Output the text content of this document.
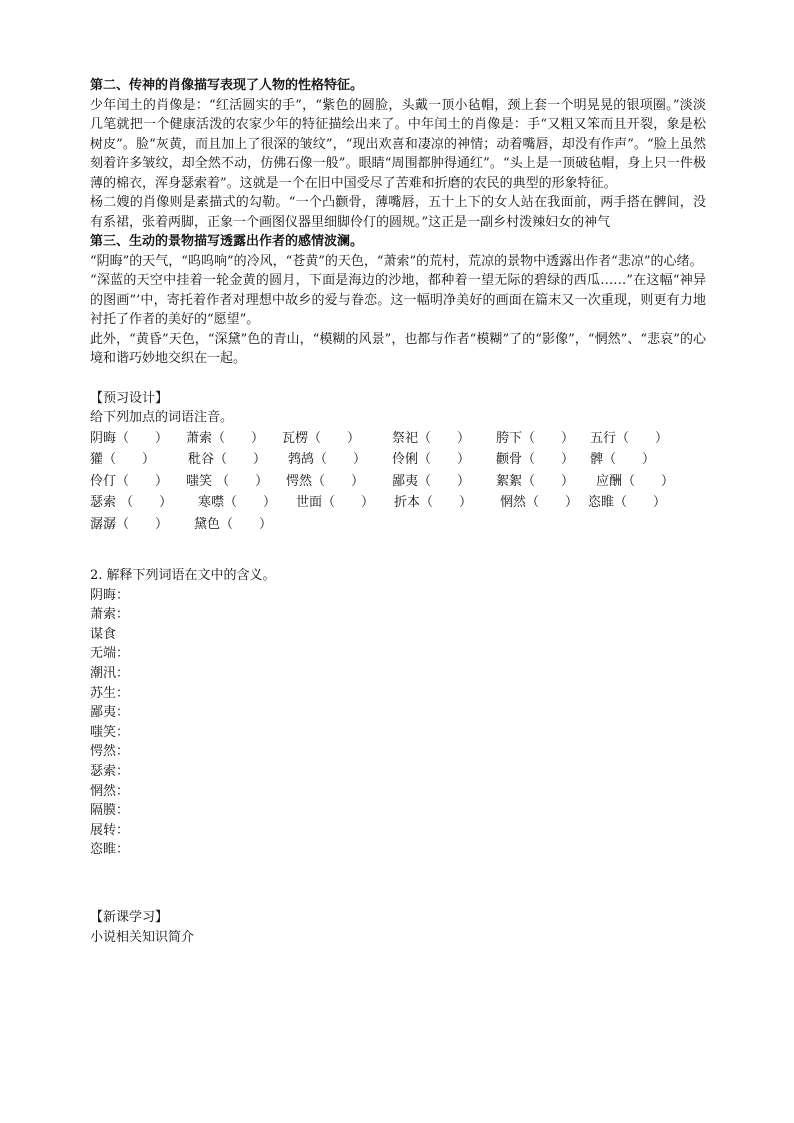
第二、传神的肖像描写表现了人物的性格特征。

少年闰土的肖像是：“红活圆实的手”，“紫色的圆脸，头戴一顶小毡帽，颈上套一个明晃晃的银项圈。”淡淡几笔就把一个健康活泼的农家少年的特征描绘出来了。中年闰土的肖像是：手“又粗又笨而且开裂，象是松树皮”。脸“灰黄，而且加上了很深的皱纹”，“现出欢喜和凄凉的神情；动着嘴唇，却没有作声”。“脸上虽然刻着许多皱纹，却全然不动，仿佛石像一般”。眼睛“周围都肿得通红”。“头上是一顶破毡帽，身上只一件极薄的棉衣，浑身瑟索着”。这就是一个在旧中国受尽了苦难和折磨的农民的典型的形象特征。

杨二嫂的肖像则是素描式的勾勒。“一个凸颧骨，薄嘴唇，五十上下的女人站在我面前，两手搭在髀间，没有系裙，张着两脚，正象一个画图仪器里细脚伶仃的圆规。”这正是一副乡村泼辣妇女的神气

第三、生动的景物描写透露出作者的感情波澜。

“阴晦”的天气，“呜呜响”的冷风，“苍黄”的天色，“萧索”的荒村，荒凉的景物中透露出作者“悲凉”的心绪。

“深蓝的天空中挂着一轮金黄的圆月，下面是海边的沙地，都种着一望无际的碧绿的西瓜……”在这幅“神异的图画”’中，寄托着作者对理想中故乡的爱与眷恋。这一幅明净美好的画面在篇末又一次重现，则更有力地衬托了作者的美好的“愿望”。

此外，“黄昏”天色，“深黛”色的青山，“模糊的风景”，也都与作者“模糊”了的“影像”，“惘然”、“悲哀”的心境和谐巧妙地交织在一起。

【预习设计】

给下列加点的词语注音。

阴晦（　　） 萧索（　　） 瓦楞（　　） 祭祀（　　） 胯下（　　） 五行（　　）
獾（　　）	秕谷（　　） 鹁鸪（　　） 伶俐（　　） 颧骨（　　） 髀（　　）
伶仃（　　） 嗤笑 （　　） 愕然（　　） 鄙夷（　　） 絮絮（　　） 应酬（　　）
瑟索 （　　） 寒噤（　　） 世面（　　） 折本（　　） 惘然（　　） 恣睢（　　）
潺潺（　　） 黛色（　　）

2. 解释下列词语在文中的含义。

阴晦：

萧索：

谋食

无端：

潮汛：

苏生：

鄙夷：

嗤笑：

愕然：

瑟索：

惘然：

隔膜：

展转：

恣睢：

【新课学习】

小说相关知识简介
